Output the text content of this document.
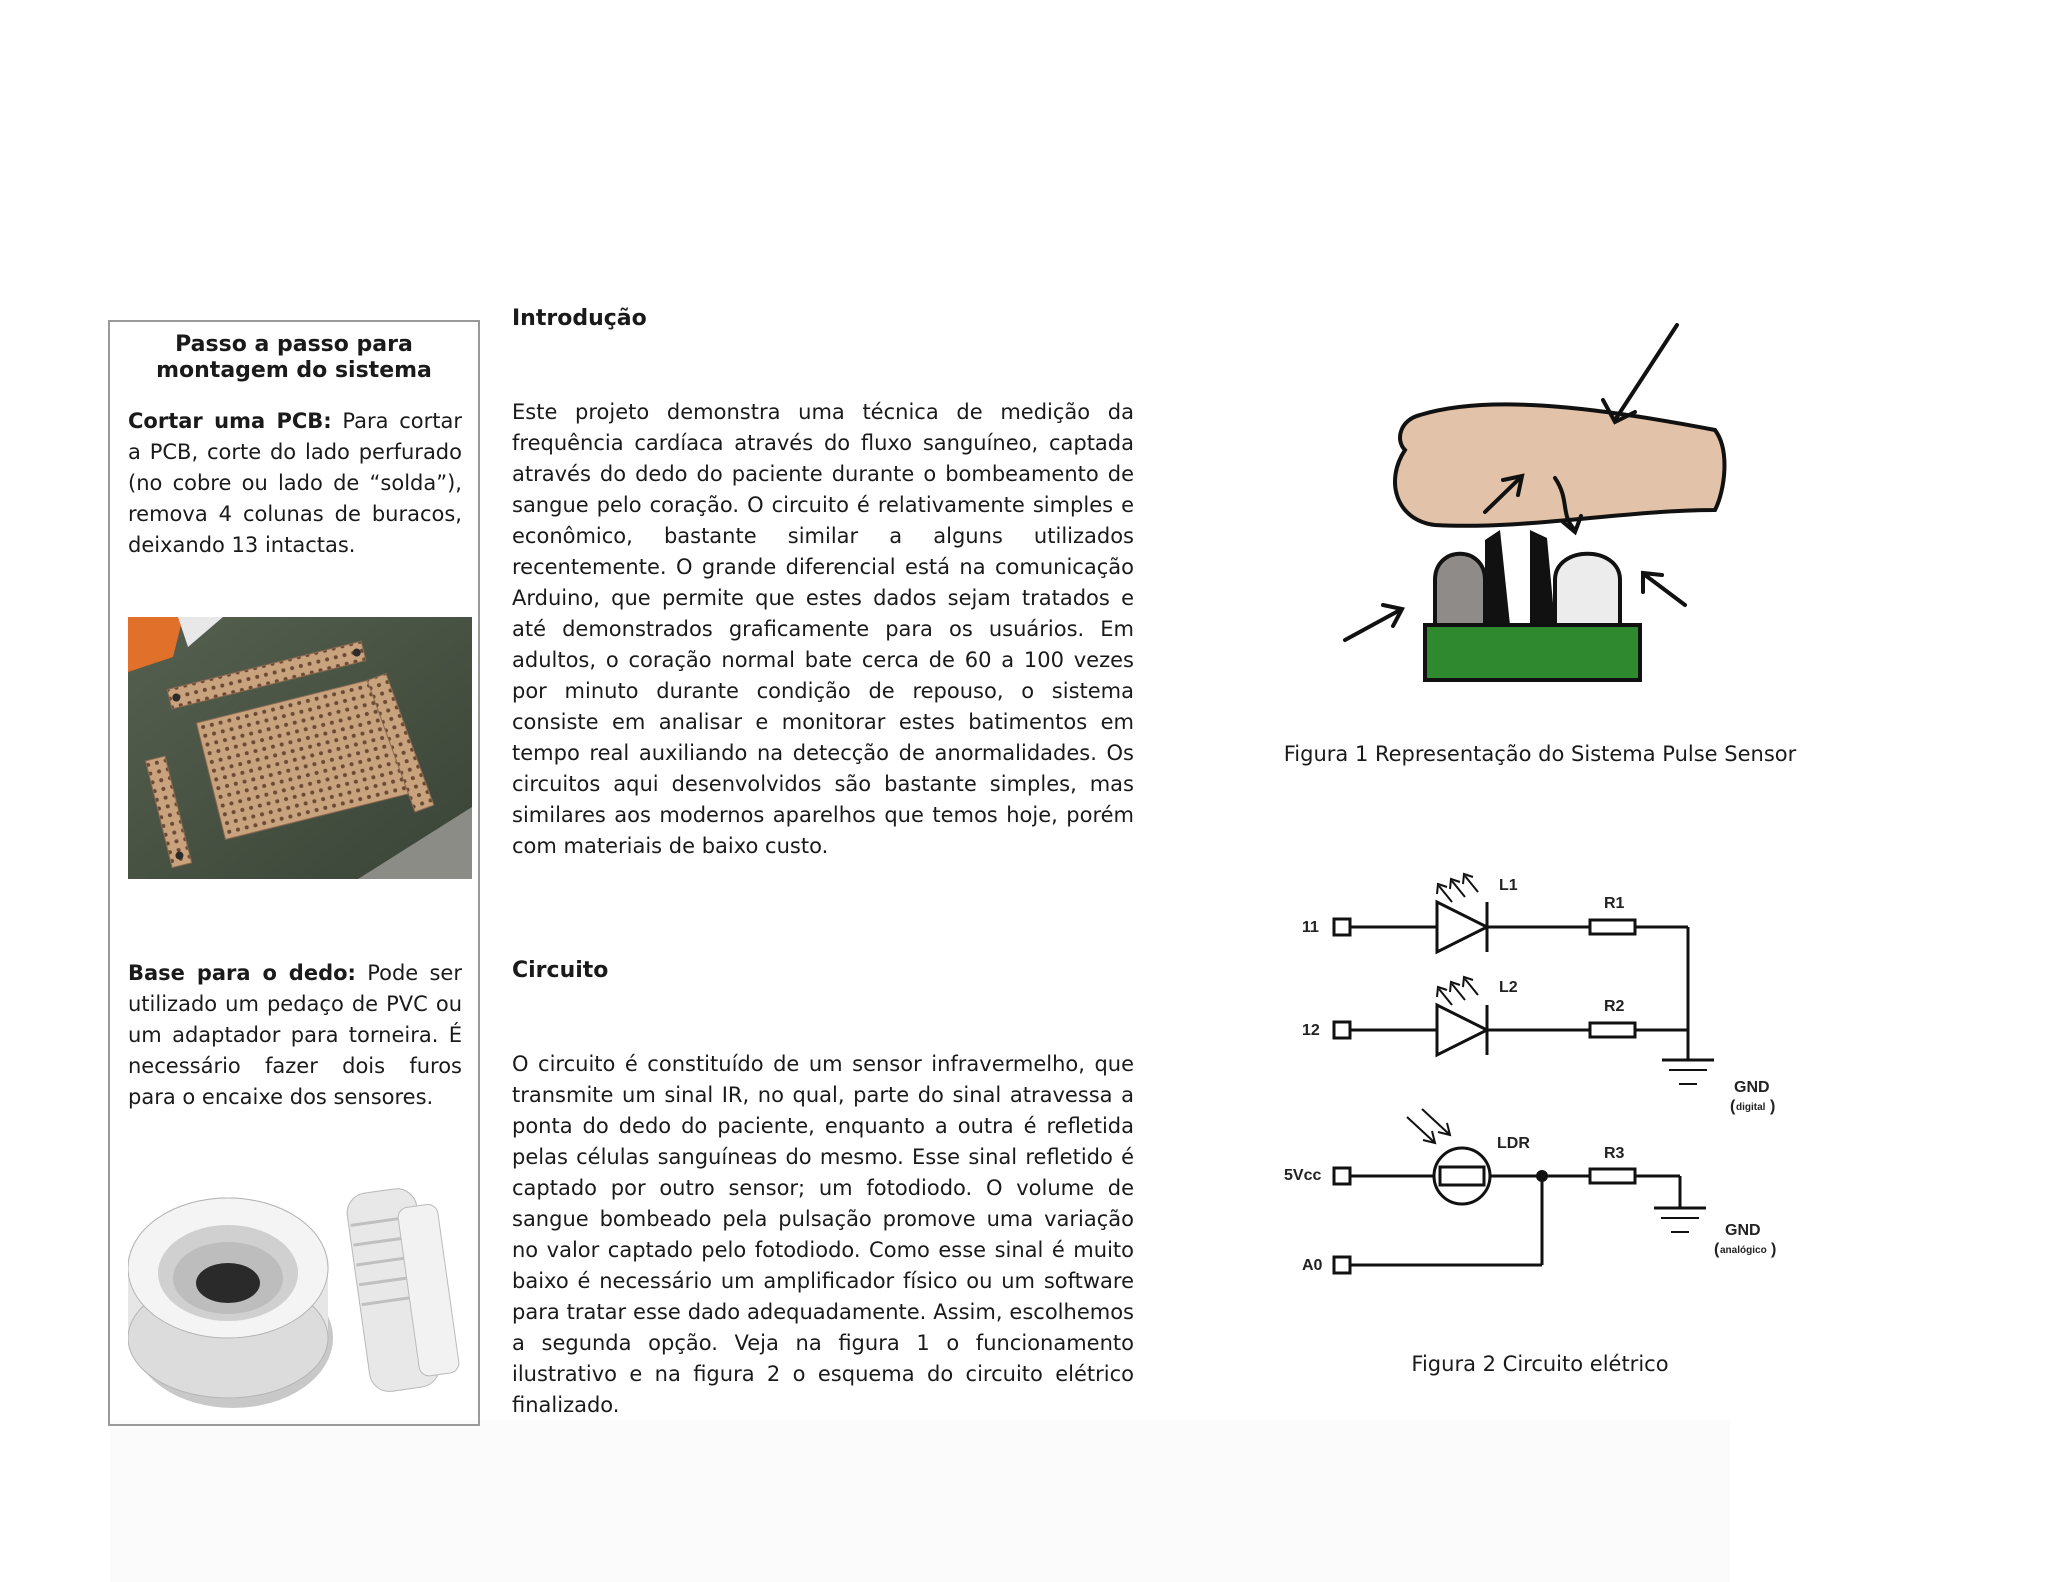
Passo a passo para
montagem do sistema
Cortar uma PCB: Para cortar a PCB, corte do lado perfurado (no cobre ou lado de “solda”), remova 4 colunas de buracos, deixando 13 intactas.
Base para o dedo: Pode ser utilizado um pedaço de PVC ou um adaptador para torneira. É necessário fazer dois furos para o encaixe dos sensores.
Introdução
Este projeto demonstra uma técnica de medição da frequência cardíaca através do fluxo sanguíneo, captada através do dedo do paciente durante o bombeamento de sangue pelo coração. O circuito é relativamente simples e econômico, bastante similar a alguns utilizados recentemente. O grande diferencial está na comunicação Arduino, que permite que estes dados sejam tratados e até demonstrados graficamente para os usuários. Em adultos, o coração normal bate cerca de 60 a 100 vezes por minuto durante condição de repouso, o sistema consiste em analisar e monitorar estes batimentos em tempo real auxiliando na detecção de anormalidades. Os circuitos aqui desenvolvidos são bastante simples, mas similares aos modernos aparelhos que temos hoje, porém com materiais de baixo custo.
Circuito
O circuito é constituído de um sensor infravermelho, que transmite um sinal IR, no qual, parte do sinal atravessa a ponta do dedo do paciente, enquanto a outra é refletida pelas células sanguíneas do mesmo. Esse sinal refletido é captado por outro sensor; um fotodiodo. O volume de sangue bombeado pela pulsação promove uma variação no valor captado pelo fotodiodo. Como esse sinal é muito baixo é necessário um amplificador físico ou um software para tratar esse dado adequadamente. Assim, escolhemos a segunda opção. Veja na figura 1 o funcionamento ilustrativo e na figura 2 o esquema do circuito elétrico finalizado.
Figura 1 Representação do Sistema Pulse Sensor
11
12
5Vcc
A0
L1
L2
R1
R2
R3
LDR
GND
GND
( digital )
( analógico )
Figura 2 Circuito elétrico
